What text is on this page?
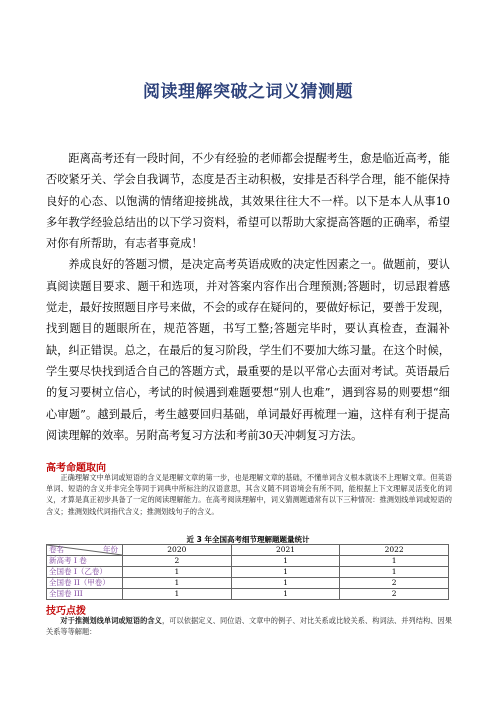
阅读理解突破之词义猜测题

距离高考还有一段时间，不少有经验的老师都会提醒考生，愈是临近高考，能否咬紧牙关、学会自我调节，态度是否主动积极，安排是否科学合理，能不能保持良好的心态、以饱满的情绪迎接挑战，其效果往往大不一样。以下是本人从事10多年教学经验总结出的以下学习资料，希望可以帮助大家提高答题的正确率，希望对你有所帮助，有志者事竟成！

养成良好的答题习惯，是决定高考英语成败的决定性因素之一。做题前，要认真阅读题目要求、题干和选项，并对答案内容作出合理预测;答题时，切忌跟着感觉走，最好按照题目序号来做，不会的或存在疑问的，要做好标记，要善于发现，找到题目的题眼所在，规范答题，书写工整;答题完毕时，要认真检查，查漏补缺，纠正错误。总之，在最后的复习阶段，学生们不要加大练习量。在这个时候，学生要尽快找到适合自己的答题方式，最重要的是以平常心去面对考试。英语最后的复习要树立信心，考试的时候遇到难题要想“别人也难”，遇到容易的则要想“细心审题”。越到最后，考生越要回归基础，单词最好再梳理一遍，这样有利于提高阅读理解的效率。另附高考复习方法和考前30天冲刺复习方法。

高考命题取向

正确理解文中单词或短语的含义是理解文章的第一步，也是理解文章的基础，不懂单词含义根本就谈不上理解文章。但英语单词、短语的含义并非完全等同于词典中所标注的汉语意思，其含义随不同语境会有所不同，能根据上下文理解灵活变化的词义，才算是真正初步具备了一定的阅读理解能力。在高考阅读理解中，词义猜测题通常有以下三种情况：推测划线单词或短语的含义；推测划线代词指代含义；推测划线句子的含义。

近 3 年全国高考细节理解题题量统计
卷名 年份	2020	2021	2022
新高考 I 卷	2	1	1
全国卷 I（乙卷）	1	1	1
全国卷 II（甲卷）	1	1	2
全国卷 III	1	1	2
技巧点拨

对于推测划线单词或短语的含义，可以依据定义、同位语、文章中的例子、对比关系或比较关系、构词法、并列结构、因果关系等等解题：
